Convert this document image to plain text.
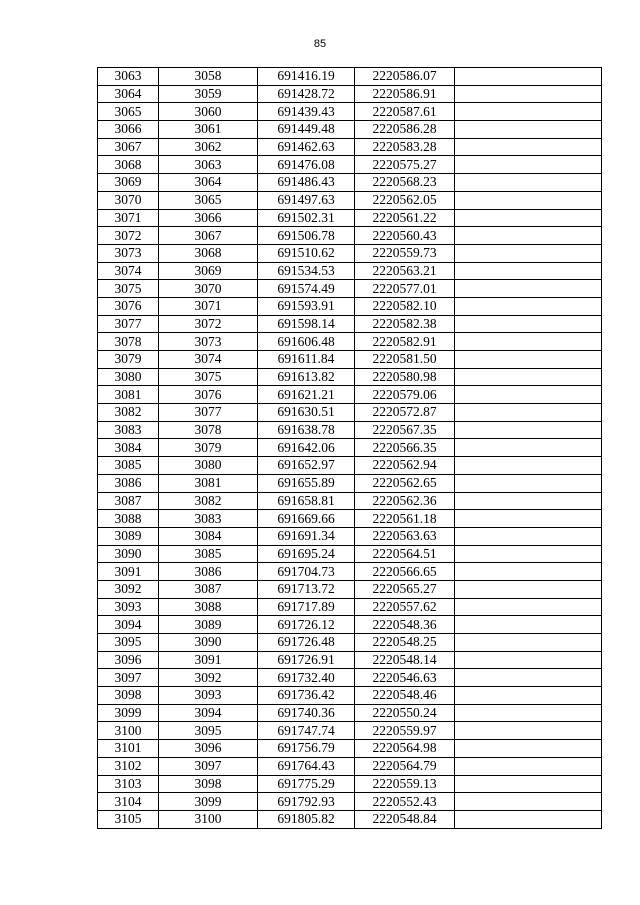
85
3063	3058	691416.19	2220586.07	
3064	3059	691428.72	2220586.91	
3065	3060	691439.43	2220587.61	
3066	3061	691449.48	2220586.28	
3067	3062	691462.63	2220583.28	
3068	3063	691476.08	2220575.27	
3069	3064	691486.43	2220568.23	
3070	3065	691497.63	2220562.05	
3071	3066	691502.31	2220561.22	
3072	3067	691506.78	2220560.43	
3073	3068	691510.62	2220559.73	
3074	3069	691534.53	2220563.21	
3075	3070	691574.49	2220577.01	
3076	3071	691593.91	2220582.10	
3077	3072	691598.14	2220582.38	
3078	3073	691606.48	2220582.91	
3079	3074	691611.84	2220581.50	
3080	3075	691613.82	2220580.98	
3081	3076	691621.21	2220579.06	
3082	3077	691630.51	2220572.87	
3083	3078	691638.78	2220567.35	
3084	3079	691642.06	2220566.35	
3085	3080	691652.97	2220562.94	
3086	3081	691655.89	2220562.65	
3087	3082	691658.81	2220562.36	
3088	3083	691669.66	2220561.18	
3089	3084	691691.34	2220563.63	
3090	3085	691695.24	2220564.51	
3091	3086	691704.73	2220566.65	
3092	3087	691713.72	2220565.27	
3093	3088	691717.89	2220557.62	
3094	3089	691726.12	2220548.36	
3095	3090	691726.48	2220548.25	
3096	3091	691726.91	2220548.14	
3097	3092	691732.40	2220546.63	
3098	3093	691736.42	2220548.46	
3099	3094	691740.36	2220550.24	
3100	3095	691747.74	2220559.97	
3101	3096	691756.79	2220564.98	
3102	3097	691764.43	2220564.79	
3103	3098	691775.29	2220559.13	
3104	3099	691792.93	2220552.43	
3105	3100	691805.82	2220548.84	
